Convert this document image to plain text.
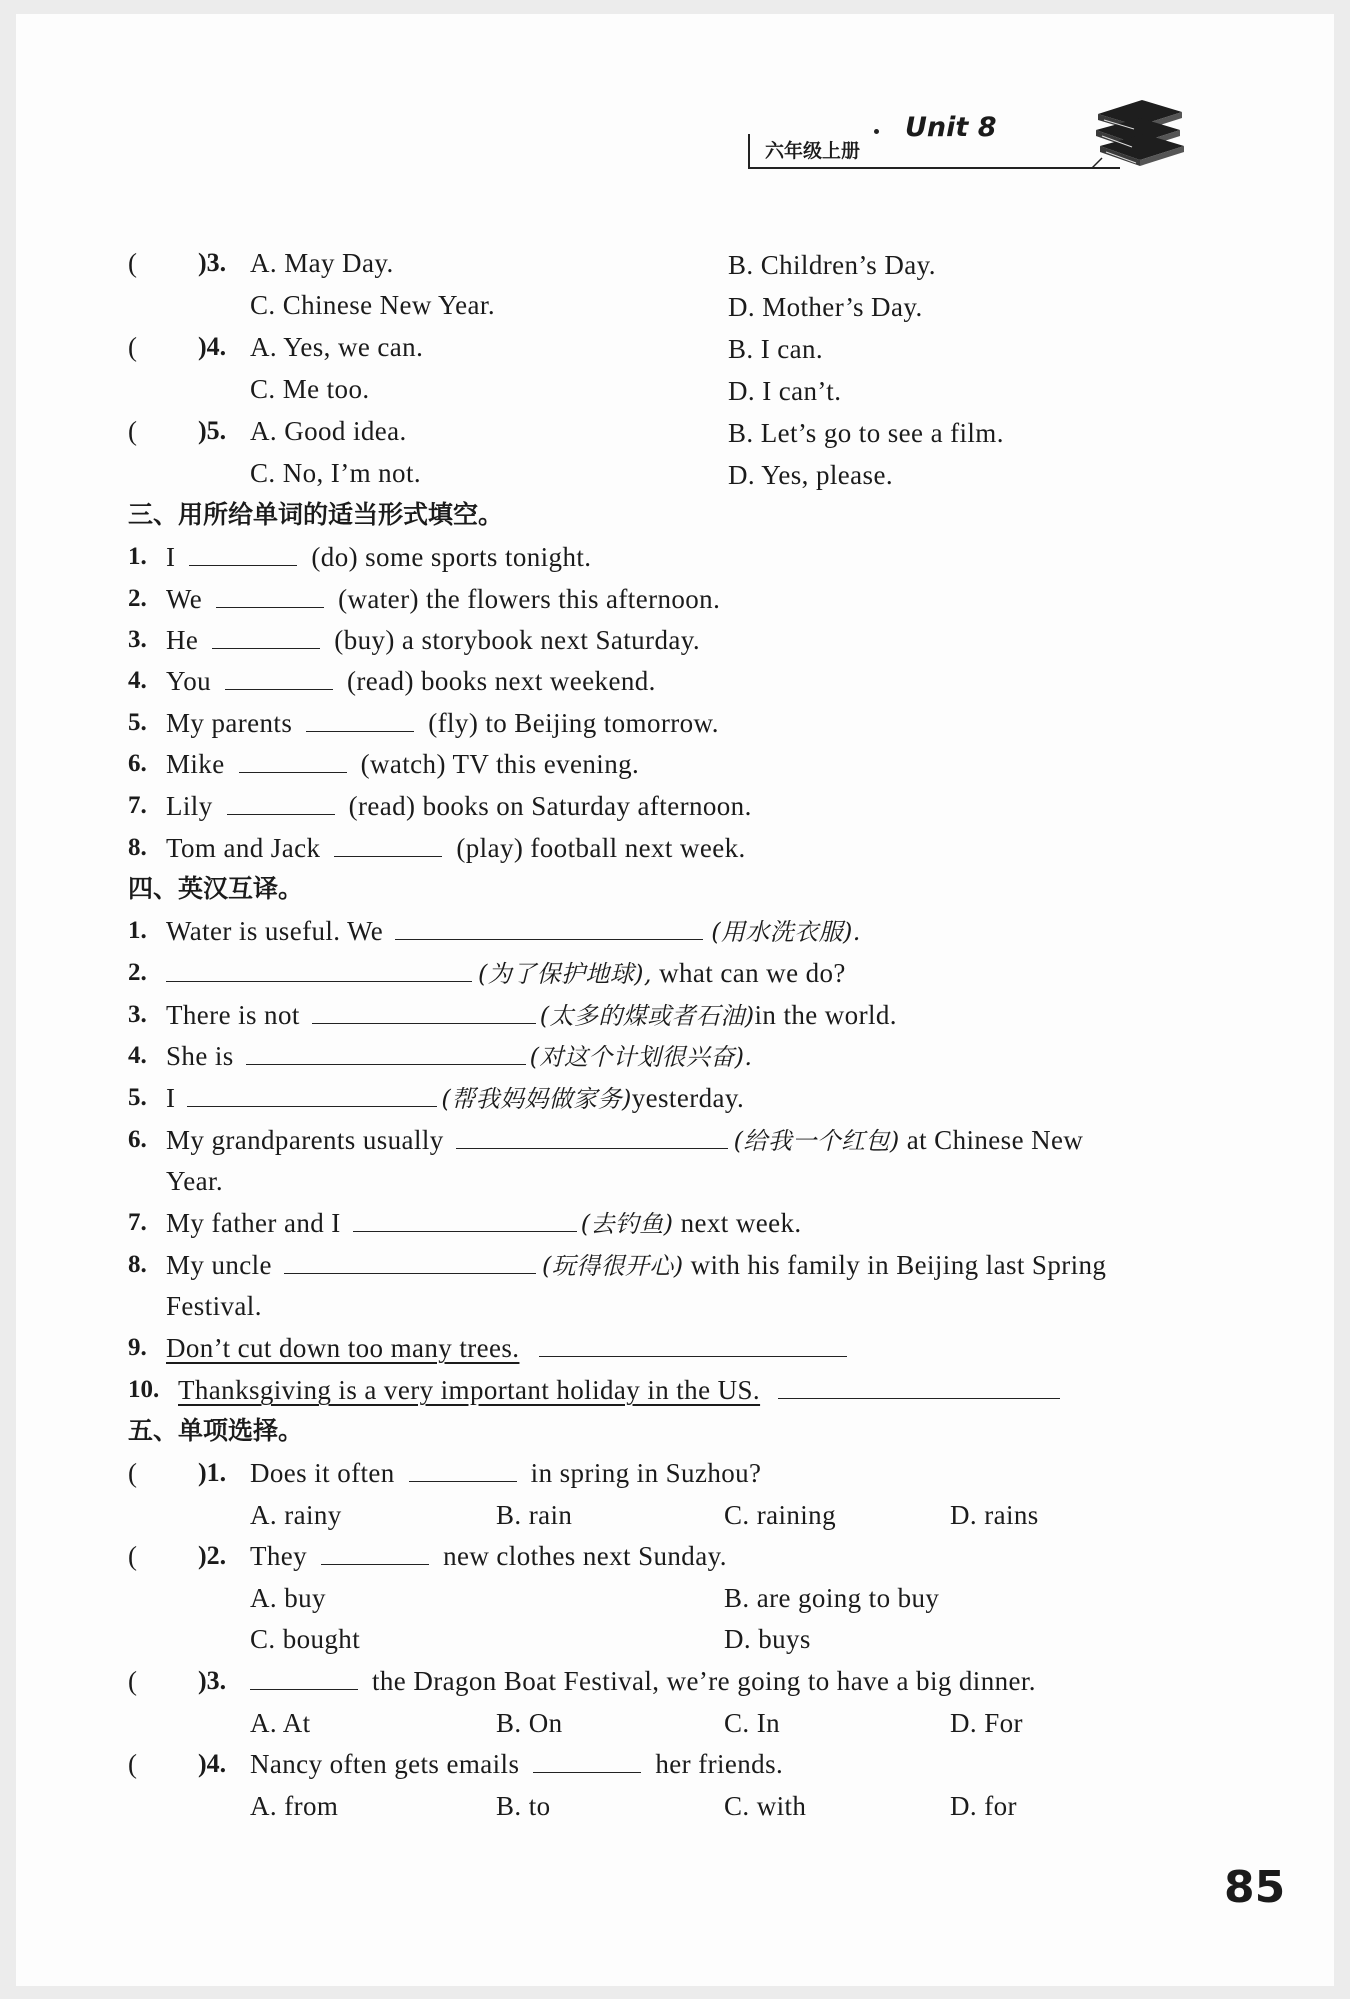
六年级上册
Unit 8
( )3. A. May Day.	B. Children’s Day.
C. Chinese New Year.	D. Mother’s Day.
( )4. A. Yes, we can.	B. I can.
C. Me too.	D. I can’t.
( )5. A. Good idea.	B. Let’s go to see a film.
C. No, I’m not.	D. Yes, please.
三、用所给单词的适当形式填空。
1. I	(do) some sports tonight.
2. We	(water) the flowers this afternoon.
3. He	(buy) a storybook next Saturday.
4. You	(read) books next weekend.
5. My parents	(fly) to Beijing tomorrow.
6. Mike	(watch) TV this evening.
7. Lily	(read) books on Saturday afternoon.
8. Tom and Jack	(play) football next week.
四、英汉互译。
1. Water is useful. We	(用水洗衣服).
2.	(为了保护地球), what can we do?
3. There is not	(太多的煤或者石油)in the world.
4. She is	(对这个计划很兴奋).
5. I	(帮我妈妈做家务)yesterday.
6. My grandparents usually	(给我一个红包) at Chinese New
Year.
7. My father and I	(去钓鱼) next week.
8. My uncle	(玩得很开心) with his family in Beijing last Spring
Festival.
9. Don’t cut down too many trees.
10. Thanksgiving is a very important holiday in the US.
五、单项选择。
( )1. Does it often	in spring in Suzhou?
A. rainy	B. rain	C. raining	D. rains
( )2. They	new clothes next Sunday.
A. buy	B. are going to buy
C. bought	D. buys
( )3.	the Dragon Boat Festival, we’re going to have a big dinner.
A. At	B. On	C. In	D. For
( )4. Nancy often gets emails	her friends.
A. from	B. to	C. with	D. for
85
